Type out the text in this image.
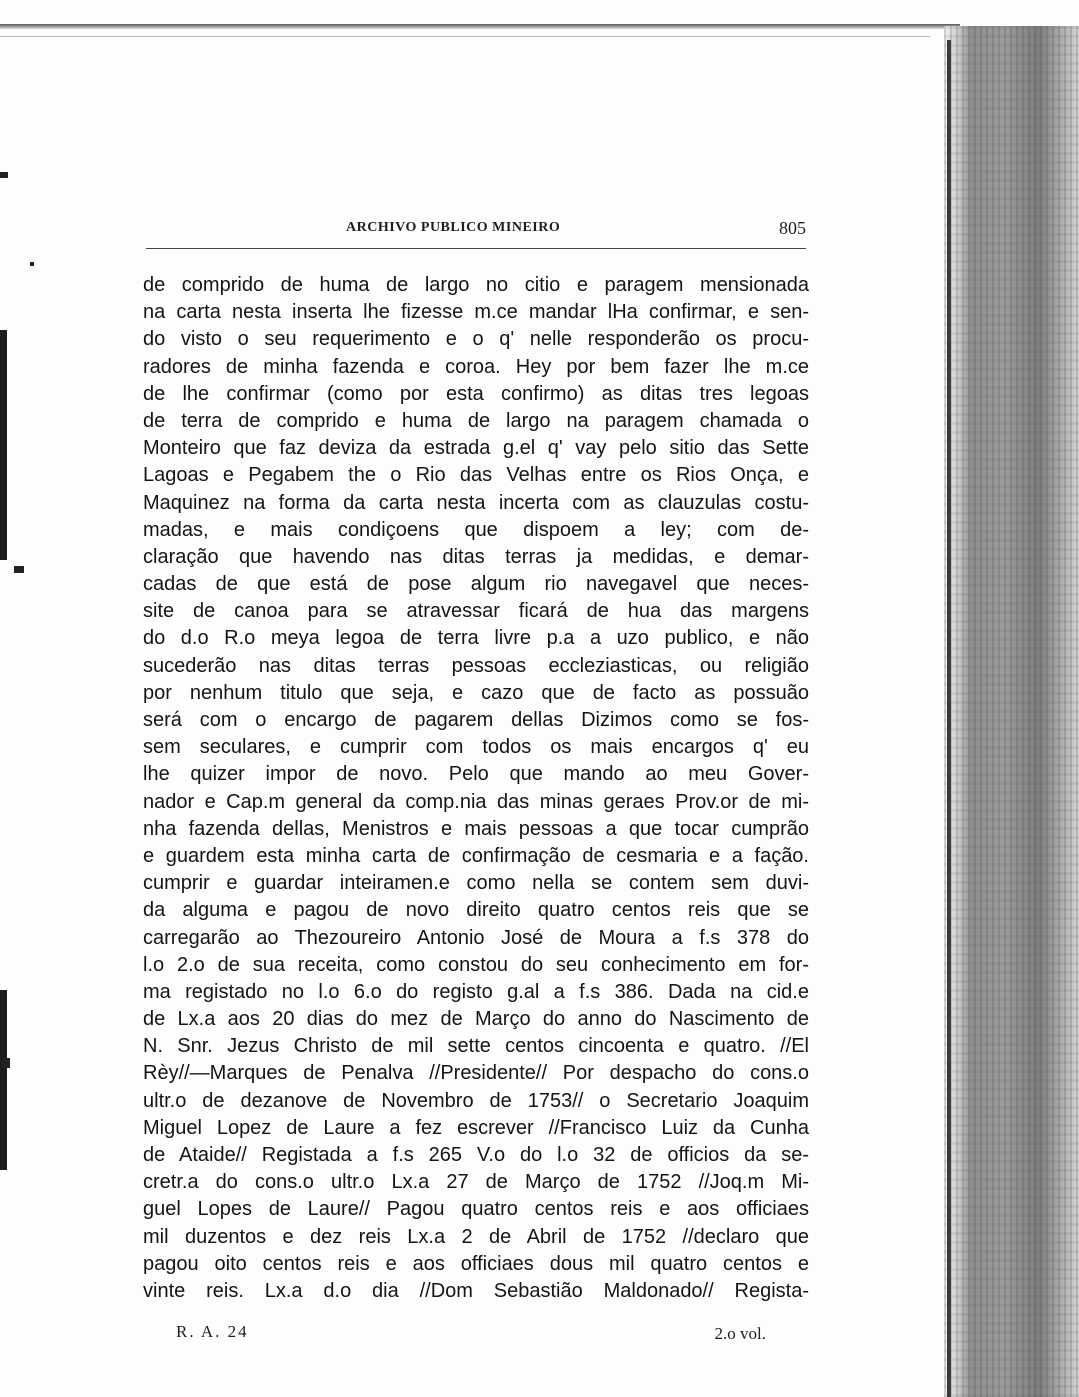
ARCHIVO PUBLICO MINEIRO	805
de comprido de huma de largo no citio e paragem mensionada
na carta nesta inserta lhe fizesse m.ce mandar lHa confirmar, e sen-
do visto o seu requerimento e o q' nelle responderão os procu-
radores de minha fazenda e coroa. Hey por bem fazer lhe m.ce
de lhe confirmar (como por esta confirmo) as ditas tres legoas
de terra de comprido e huma de largo na paragem chamada o
Monteiro que faz deviza da estrada g.el q' vay pelo sitio das Sette
Lagoas e Pegabem the o Rio das Velhas entre os Rios Onça, e
Maquinez na forma da carta nesta incerta com as clauzulas costu-
madas, e mais condiçoens que dispoem a ley; com de-
claração que havendo nas ditas terras ja medidas, e demar-
cadas de que está de pose algum rio navegavel que neces-
site de canoa para se atravessar ficará de hua das margens
do d.o R.o meya legoa de terra livre p.a a uzo publico, e não
sucederão nas ditas terras pessoas eccleziasticas, ou religião
por nenhum titulo que seja, e cazo que de facto as possuão
será com o encargo de pagarem dellas Dizimos como se fos-
sem seculares, e cumprir com todos os mais encargos q' eu
lhe quizer impor de novo. Pelo que mando ao meu Gover-
nador e Cap.m general da comp.nia das minas geraes Prov.or de mi-
nha fazenda dellas, Menistros e mais pessoas a que tocar cumprão
e guardem esta minha carta de confirmação de cesmaria e a fação.
cumprir e guardar inteiramen.e como nella se contem sem duvi-
da alguma e pagou de novo direito quatro centos reis que se
carregarão ao Thezoureiro Antonio José de Moura a f.s 378 do
l.o 2.o de sua receita, como constou do seu conhecimento em for-
ma registado no l.o 6.o do registo g.al a f.s 386. Dada na cid.e
de Lx.a aos 20 dias do mez de Março do anno do Nascimento de
N. Snr. Jezus Christo de mil sette centos cincoenta e quatro. //El
Rèy//—Marques de Penalva //Presidente// Por despacho do cons.o
ultr.o de dezanove de Novembro de 1753// o Secretario Joaquim
Miguel Lopez de Laure a fez escrever //Francisco Luiz da Cunha
de Ataide// Registada a f.s 265 V.o do l.o 32 de officios da se-
cretr.a do cons.o ultr.o Lx.a 27 de Março de 1752 //Joq.m Mi-
guel Lopes de Laure// Pagou quatro centos reis e aos officiaes
mil duzentos e dez reis Lx.a 2 de Abril de 1752 //declaro que
pagou oito centos reis e aos officiaes dous mil quatro centos e
vinte reis. Lx.a d.o dia //Dom Sebastião Maldonado// Regista-
R. A. 24	2.o vol.
